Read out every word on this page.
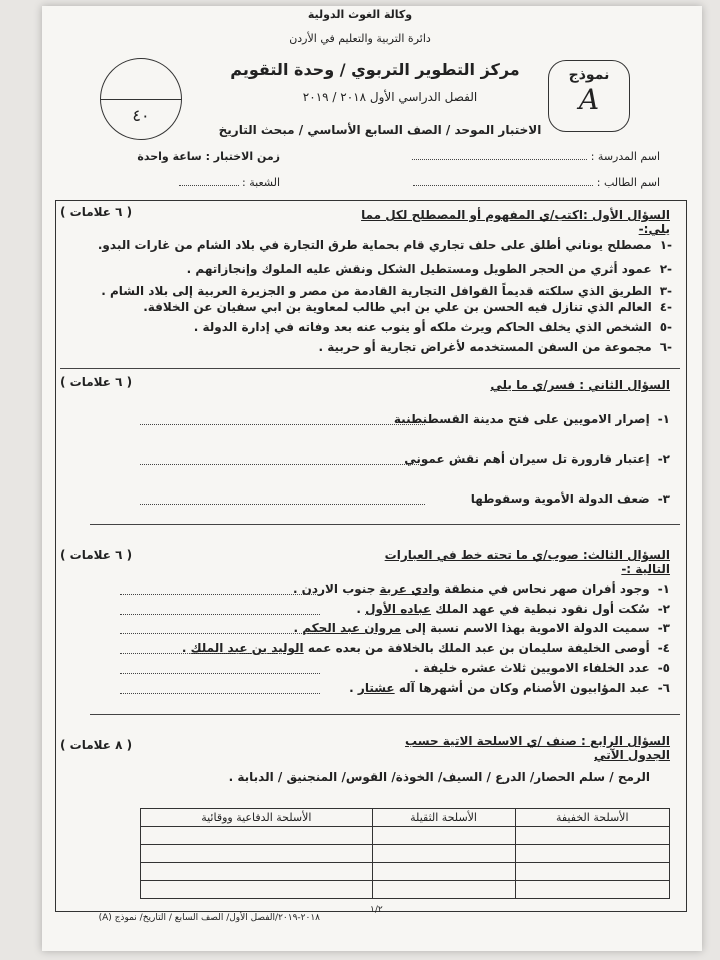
وكالة الغوث الدولية
دائرة التربية والتعليم في الأردن
مركز التطوير التربوي / وحدة التقويم
الفصل الدراسي الأول ٢٠١٨ / ٢٠١٩
الاختبار الموحد / الصف السابع الأساسي / مبحث التاريخ
٤٠
نموذج
A
اسم المدرسة :
زمن الاختبار : ساعة واحدة
اسم الطالب :
الشعبة :
السؤال الأول :اكتب/ي المفهوم أو المصطلح لكل مما يلي:-
( ٦ علامات )
-١مصطلح يوناني أطلق على حلف تجاري قام بحماية طرق التجارة في بلاد الشام من غارات البدو.
-٢عمود أثري من الحجر الطويل ومستطيل الشكل ونقش عليه الملوك وإنجازاتهم .
-٣الطريق الذي سلكته قديماً القوافل التجارية القادمة من مصر و الجزيرة العربية إلى بلاد الشام .
-٤العالم الذي تنازل فيه الحسن بن علي بن ابي طالب لمعاوية بن ابي سفيان عن الخلافة.
-٥الشخص الذي يخلف الحاكم ويرث ملكه أو ينوب عنه بعد وفاته في إدارة الدولة .
-٦مجموعة من السفن المستخدمه لأغراض تجارية أو حربية .
السؤال الثاني : فسر/ي ما يلي
( ٦ علامات )
١-إصرار الامويين على فتح مدينة القسطنطنية
٢-إعتبار قارورة تل سيران أهم نقش عموني
٣-ضعف الدولة الأموية وسقوطها
السؤال الثالث: صوب/ي ما تحته خط في العبارات التالية :-
( ٦ علامات )
١-وجود أفران صهر نحاس في منطقة وادي عربة جنوب الاردن .
٢-سُكت أول نقود نبطية في عهد الملك عباده الأول .
٣-سميت الدولة الاموية بهذا الاسم نسبة إلى مروان عبد الحكم .
٤-أوصى الخليفة سليمان بن عبد الملك بالخلافة من بعده عمه الوليد بن عبد الملك .
٥-عدد الخلفاء الامويين ثلاث عشره خليفة .
٦-عبد المؤابيون الأصنام وكان من أشهرها آله عشتار .
السؤال الرابع : صنف /ي الاسلحة الاتية حسب الجدول الآتي
( ٨ علامات )
الرمح / سلم الحصار/ الدرع / السيف/ الخوذة/ القوس/ المنجنيق / الدبابة .
الأسلحة الخفيفة	الأسلحة الثقيلة	الأسلحة الدفاعية ووقائية

٢٠١٨-٢٠١٩/الفصل الأول/ الصف السابع / التاريخ/ نموذج (A)
١/٢
